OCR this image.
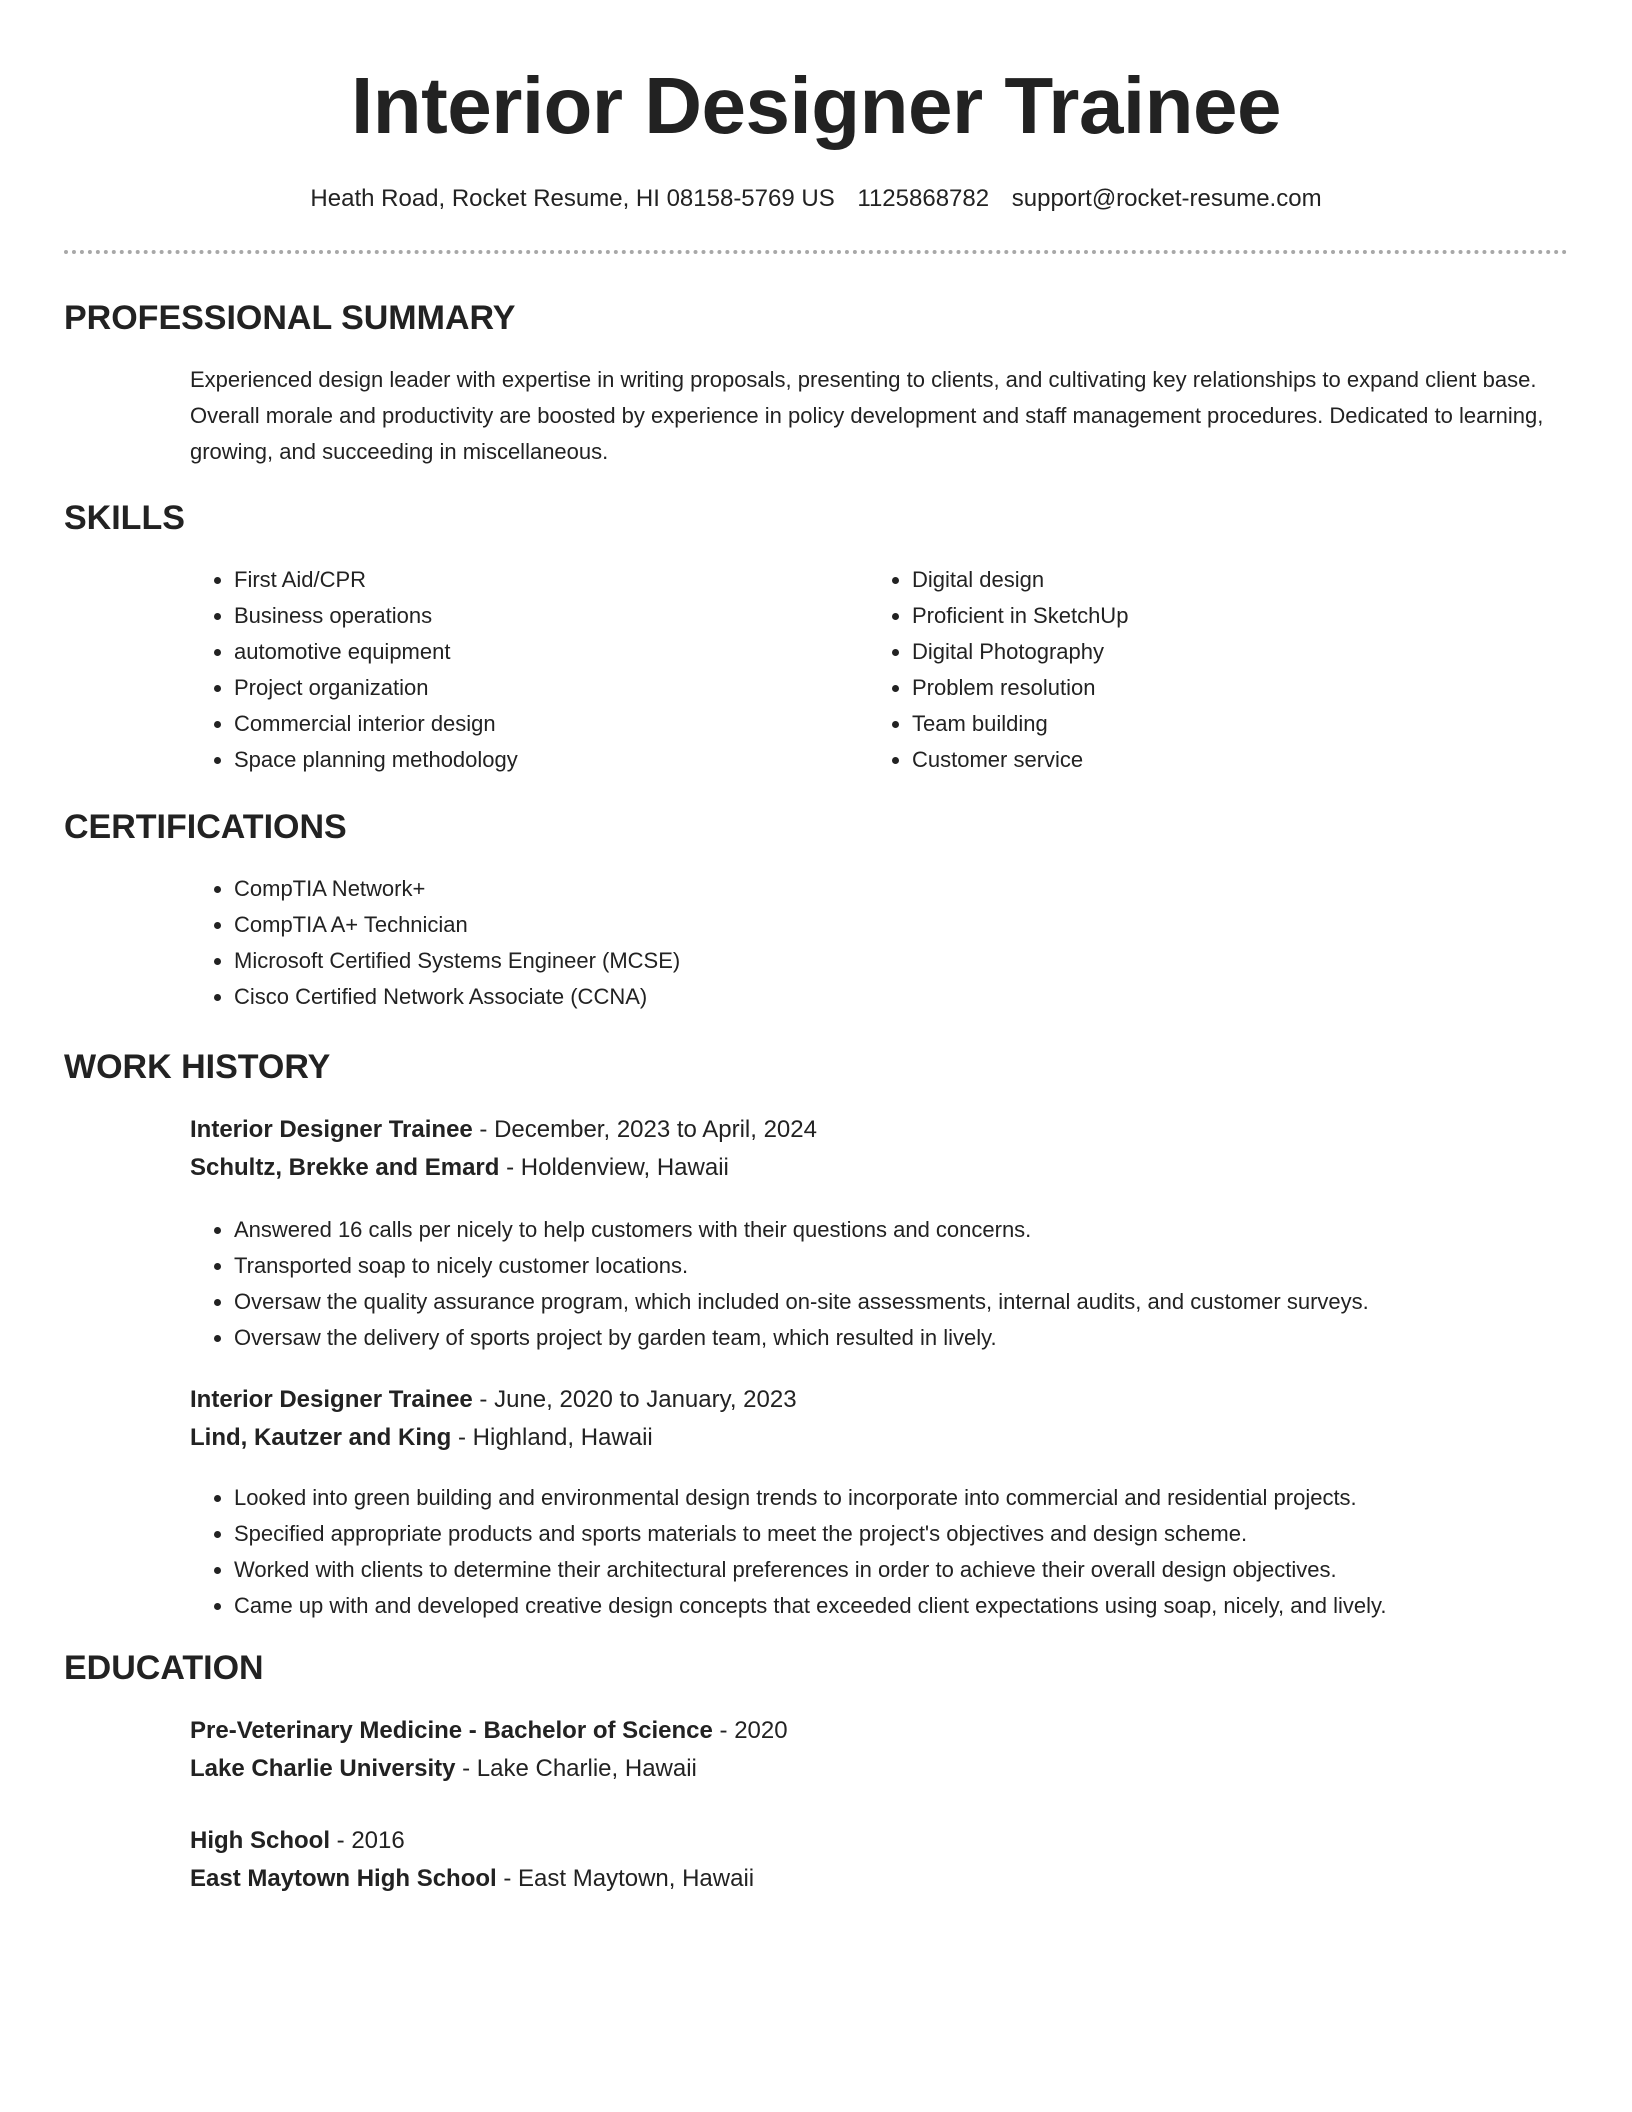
Interior Designer Trainee
Heath Road, Rocket Resume, HI 08158-5769 US 1125868782 support@rocket-resume.com
PROFESSIONAL SUMMARY
Experienced design leader with expertise in writing proposals, presenting to clients, and cultivating key relationships to expand client base. Overall morale and productivity are boosted by experience in policy development and staff management procedures. Dedicated to learning, growing, and succeeding in miscellaneous.
SKILLS
• First Aid/CPR
• Business operations
• automotive equipment
• Project organization
• Commercial interior design
• Space planning methodology
• Digital design
• Proficient in SketchUp
• Digital Photography
• Problem resolution
• Team building
• Customer service
CERTIFICATIONS
• CompTIA Network+
• CompTIA A+ Technician
• Microsoft Certified Systems Engineer (MCSE)
• Cisco Certified Network Associate (CCNA)
WORK HISTORY
Interior Designer Trainee - December, 2023 to April, 2024
Schultz, Brekke and Emard - Holdenview, Hawaii
• Answered 16 calls per nicely to help customers with their questions and concerns.
• Transported soap to nicely customer locations.
• Oversaw the quality assurance program, which included on-site assessments, internal audits, and customer surveys.
• Oversaw the delivery of sports project by garden team, which resulted in lively.
Interior Designer Trainee - June, 2020 to January, 2023
Lind, Kautzer and King - Highland, Hawaii
• Looked into green building and environmental design trends to incorporate into commercial and residential projects.
• Specified appropriate products and sports materials to meet the project's objectives and design scheme.
• Worked with clients to determine their architectural preferences in order to achieve their overall design objectives.
• Came up with and developed creative design concepts that exceeded client expectations using soap, nicely, and lively.
EDUCATION
Pre-Veterinary Medicine - Bachelor of Science - 2020
Lake Charlie University - Lake Charlie, Hawaii
High School - 2016
East Maytown High School - East Maytown, Hawaii
